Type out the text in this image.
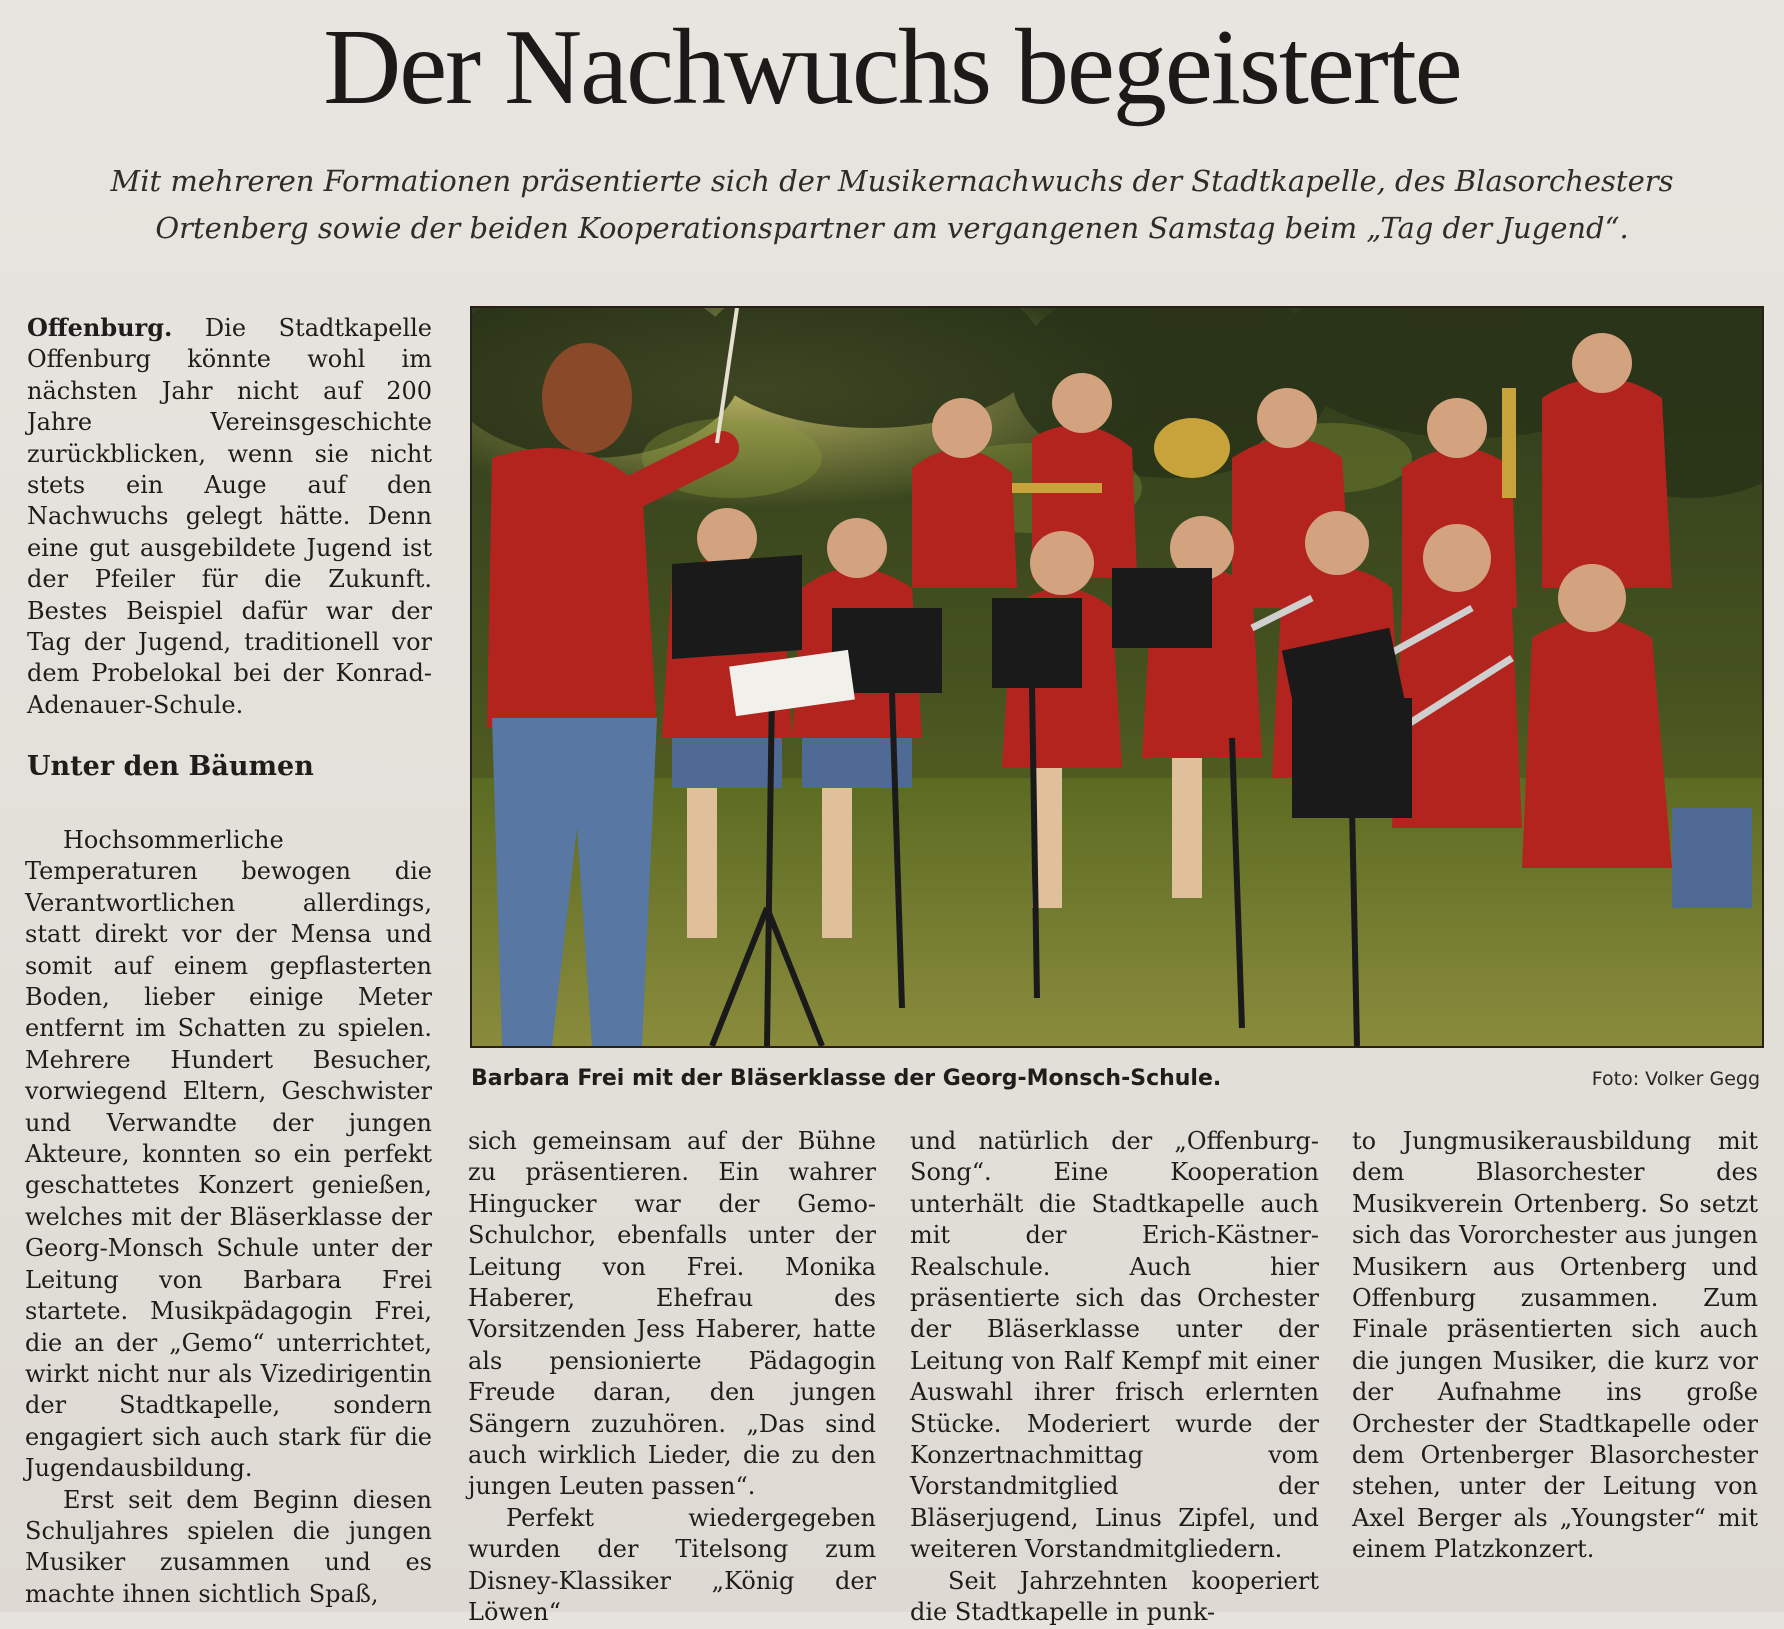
Der Nachwuchs begeisterte
Mit mehreren Formationen präsentierte sich der Musikernachwuchs der Stadtkapelle, des Blasorchesters
Ortenberg sowie der beiden Kooperationspartner am vergangenen Samstag beim „Tag der Jugend“.

Offenburg. Die Stadtkapelle Offenburg könnte wohl im nächsten Jahr nicht auf 200 Jahre Vereinsgeschichte zurückblicken, wenn sie nicht stets ein Auge auf den Nachwuchs gelegt hätte. Denn eine gut ausgebildete Jugend ist der Pfeiler für die Zukunft. Bestes Beispiel dafür war der Tag der Jugend, traditionell vor dem Probelokal bei der Konrad-Adenauer-Schule.

Unter den Bäumen

Hochsommerliche Temperaturen bewogen die Verantwortlichen allerdings, statt direkt vor der Mensa und somit auf einem gepflasterten Boden, lieber einige Meter entfernt im Schatten zu spielen. Mehrere Hundert Besucher, vorwiegend Eltern, Geschwister und Verwandte der jungen Akteure, konnten so ein perfekt geschattetes Konzert genießen, welches mit der Bläserklasse der Georg-Monsch Schule unter der Leitung von Barbara Frei startete. Musikpädagogin Frei, die an der „Gemo“ unterrichtet, wirkt nicht nur als Vizedirigentin der Stadtkapelle, sondern engagiert sich auch stark für die Jugendausbildung.

Erst seit dem Beginn diesen Schuljahres spielen die jungen Musiker zusammen und es machte ihnen sichtlich Spaß,

Barbara Frei mit der Bläserklasse der Georg-Monsch-Schule.	Foto: Volker Gegg

sich gemeinsam auf der Bühne zu präsentieren. Ein wahrer Hingucker war der Gemo-Schulchor, ebenfalls unter der Leitung von Frei. Monika Haberer, Ehefrau des Vorsitzenden Jess Haberer, hatte als pensionierte Pädagogin Freude daran, den jungen Sängern zuzuhören. „Das sind auch wirklich Lieder, die zu den jungen Leuten passen“.

Perfekt wiedergegeben wurden der Titelsong zum Disney-Klassiker „König der Löwen“

und natürlich der „Offenburg-Song“. Eine Kooperation unterhält die Stadtkapelle auch mit der Erich-Kästner-Realschule. Auch hier präsentierte sich das Orchester der Bläserklasse unter der Leitung von Ralf Kempf mit einer Auswahl ihrer frisch erlernten Stücke. Moderiert wurde der Konzertnachmittag vom Vorstandmitglied der Bläserjugend, Linus Zipfel, und weiteren Vorstandmitgliedern.

Seit Jahrzehnten kooperiert die Stadtkapelle in punk-

to Jungmusikerausbildung mit dem Blasorchester des Musikverein Ortenberg. So setzt sich das Vororchester aus jungen Musikern aus Ortenberg und Offenburg zusammen. Zum Finale präsentierten sich auch die jungen Musiker, die kurz vor der Aufnahme ins große Orchester der Stadtkapelle oder dem Ortenberger Blasorchester stehen, unter der Leitung von Axel Berger als „Youngster“ mit einem Platzkonzert.
